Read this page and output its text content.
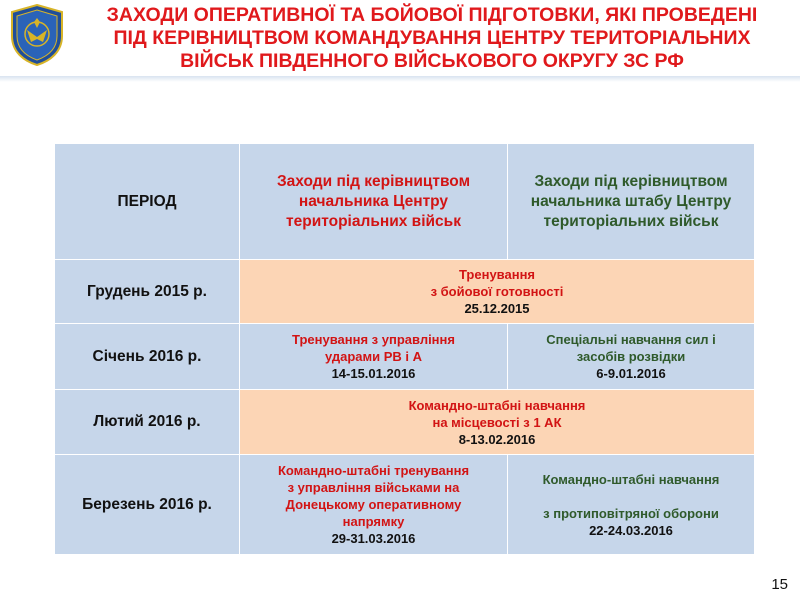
ЗАХОДИ ОПЕРАТИВНОЇ ТА БОЙОВОЇ ПІДГОТОВКИ, ЯКІ ПРОВЕДЕНІ
ПІД КЕРІВНИЦТВОМ КОМАНДУВАННЯ ЦЕНТРУ ТЕРИТОРІАЛЬНИХ
ВІЙСЬК ПІВДЕННОГО ВІЙСЬКОВОГО ОКРУГУ ЗС РФ
ПЕРІОД	Заходи під керівництвом начальника Центру територіальних військ	Заходи під керівництвом начальника штабу Центру територіальних військ
Грудень 2015 р.	Тренування
з бойової готовності
25.12.2015	

Січень 2016 р.	Тренування з управління
ударами РВ і А
14-15.01.2016	Спеціальні навчання сил і
засобів розвідки
6-9.01.2016

Лютий 2016 р.	Командно-штабні навчання
на місцевості з 1 АК
8-13.02.2016	

Березень 2016 р.	Командно-штабні тренування
з управління військами на
Донецькому оперативному
напрямку
29-31.03.2016	Командно-штабні навчання
з протиповітряної оборони
22-24.03.2016
15
